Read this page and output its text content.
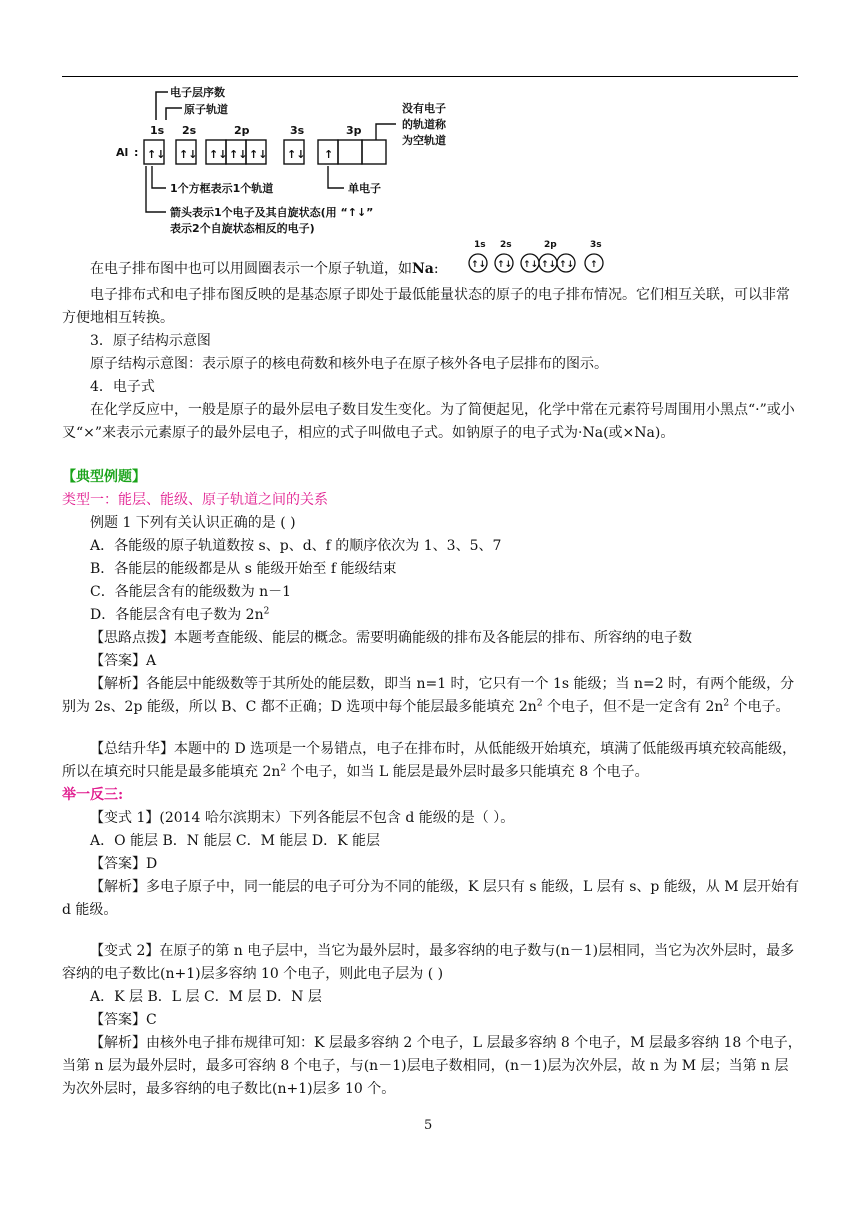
电子层序数
原子轨道
1s 2s	2p	3s	3p
Al : ↑↓ ↑↓ ↑↓ ↑↓ ↑↓ ↑↓ ↑
没有电子
的轨道称
为空轨道
单电子
1个方框表示1个轨道
箭头表示1个电子及其自旋状态(用 “↑↓”
表示2个自旋状态相反的电子)
1s 2s	2p	3s
↑↓ ↑↓ ↑↓ ↑↓ ↑↓ ↑

在电子排布图中也可以用圆圈表示一个原子轨道，如Na:

电子排布式和电子排布图反映的是基态原子即处于最低能量状态的原子的电子排布情况。它们相互关联，可以非常方便地相互转换。

3．原子结构示意图

原子结构示意图：表示原子的核电荷数和核外电子在原子核外各电子层排布的图示。

4．电子式

在化学反应中，一般是原子的最外层电子数目发生变化。为了简便起见，化学中常在元素符号周围用小黑点“·”或小叉“×”来表示元素原子的最外层电子，相应的式子叫做电子式。如钠原子的电子式为·Na(或×Na)。

【典型例题】

类型一：能层、能级、原子轨道之间的关系

例题 1 下列有关认识正确的是 ( )

A．各能级的原子轨道数按 s、p、d、f 的顺序依次为 1、3、5、7

B．各能层的能级都是从 s 能级开始至 f 能级结束

C．各能层含有的能级数为 n－1

D．各能层含有电子数为 $2n^2$

【思路点拨】本题考查能级、能层的概念。需要明确能级的排布及各能层的排布、所容纳的电子数

【答案】A

【解析】各能层中能级数等于其所处的能层数，即当 n=1 时，它只有一个 1s 能级；当 n=2 时，有两个能级，分别为 2s、2p 能级，所以 B、C 都不正确；D 选项中每个能层最多能填充 $2n^2$ 个电子，但不是一定含有 $2n^2$ 个电子。

【总结升华】本题中的 D 选项是一个易错点，电子在排布时，从低能级开始填充，填满了低能级再填充较高能级，所以在填充时只能是最多能填充 $2n^2$ 个电子，如当 L 能层是最外层时最多只能填充 8 个电子。

举一反三:

【变式 1】(2014 哈尔滨期末）下列各能层不包含 d 能级的是（ ）。

A．O 能层 B．N 能层 C．M 能层 D．K 能层

【答案】D

【解析】多电子原子中，同一能层的电子可分为不同的能级，K 层只有 s 能级，L 层有 s、p 能级，从 M 层开始有 d 能级。

【变式 2】在原子的第 n 电子层中，当它为最外层时，最多容纳的电子数与(n－1)层相同，当它为次外层时，最多容纳的电子数比(n+1)层多容纳 10 个电子，则此电子层为 ( )

A．K 层 B．L 层 C．M 层 D．N 层

【答案】C

【解析】由核外电子排布规律可知：K 层最多容纳 2 个电子，L 层最多容纳 8 个电子，M 层最多容纳 18 个电子，当第 n 层为最外层时，最多可容纳 8 个电子，与(n－1)层电子数相同，(n－1)层为次外层，故 n 为 M 层；当第 n 层为次外层时，最多容纳的电子数比(n+1)层多 10 个。

5
